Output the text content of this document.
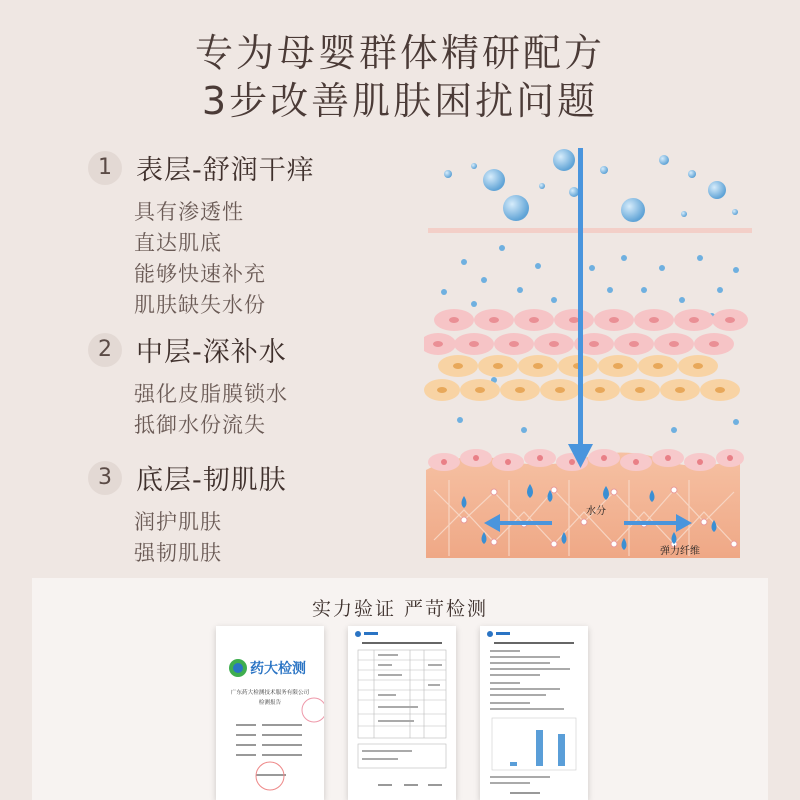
专为母婴群体精研配方
3步改善肌肤困扰问题
1 表层-舒润干痒
具有渗透性
直达肌底
能够快速补充
肌肤缺失水份
2 中层-深补水
强化皮脂膜锁水
抵御水份流失
3 底层-韧肌肤
润护肌肤
强韧肌肤
水分
弹力纤维
实力验证 严苛检测
药大检测
广东药大检测技术服务有限公司
检测报告
